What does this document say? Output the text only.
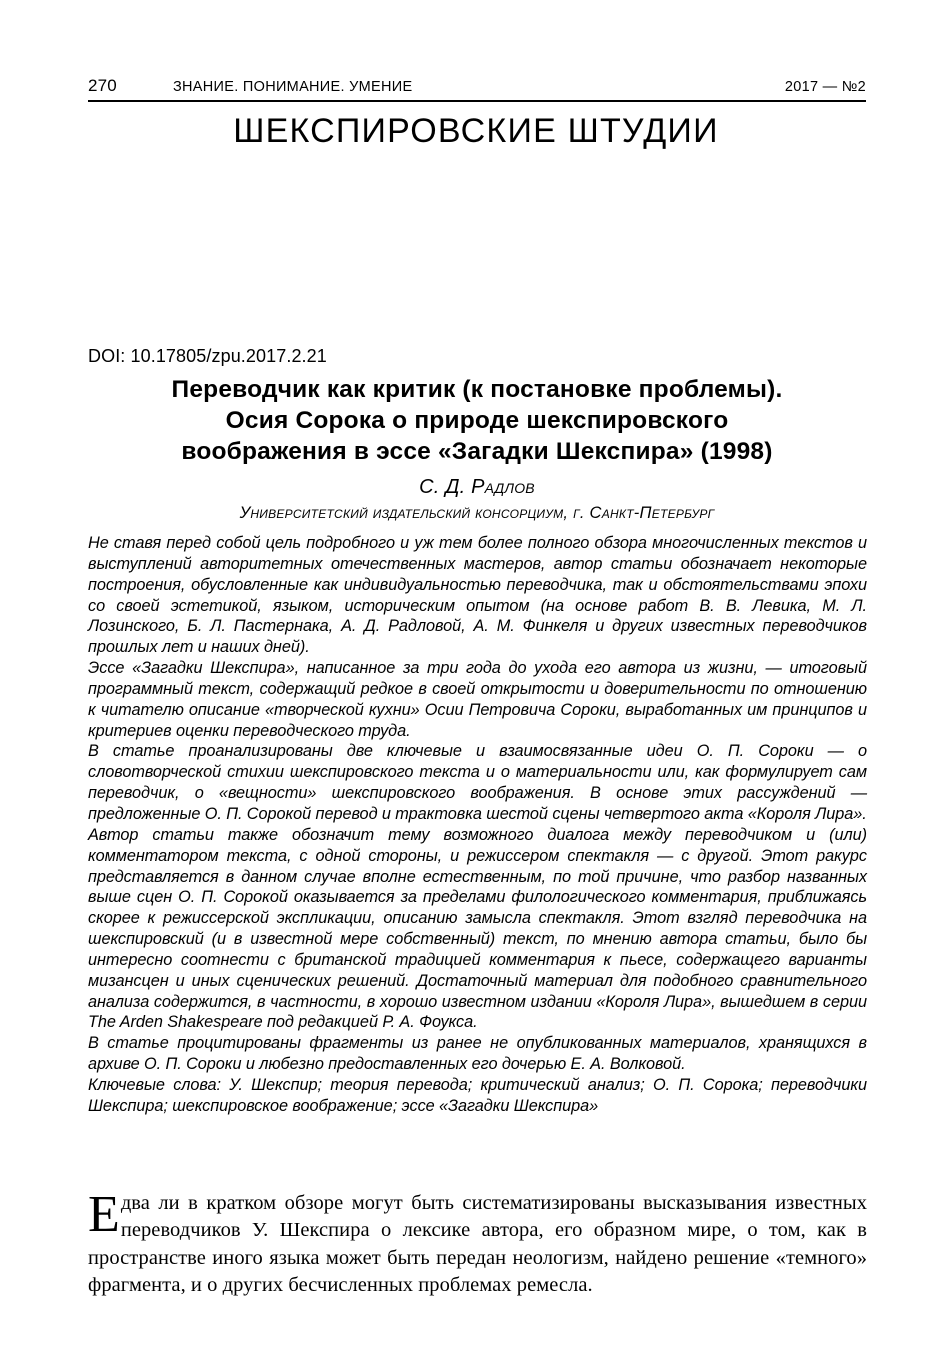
270	ЗНАНИЕ. ПОНИМАНИЕ. УМЕНИЕ	2017 — №2
ШЕКСПИРОВСКИЕ ШТУДИИ
DOI: 10.17805/zpu.2017.2.21
Переводчик как критик (к постановке проблемы).
Осия Сорока о природе шекспировского
воображения в эссе «Загадки Шекспира» (1998)
С. Д. Радлов
Университетский издательский консорциум, г. Санкт-Петербург

Не ставя перед собой цель подробного и уж тем более полного обзора многочисленных текстов и выступлений авторитетных отечественных мастеров, автор статьи обозначает некоторые построения, обусловленные как индивидуальностью переводчика, так и обстоятельствами эпохи со своей эстетикой, языком, историческим опытом (на основе работ В. В. Левика, М. Л. Лозинского, Б. Л. Пастернака, А. Д. Радловой, А. М. Финкеля и других известных переводчиков прошлых лет и наших дней).

Эссе «Загадки Шекспира», написанное за три года до ухода его автора из жизни, — итоговый программный текст, содержащий редкое в своей открытости и доверительности по отношению к читателю описание «творческой кухни» Осии Петровича Сороки, выработанных им принципов и критериев оценки переводческого труда.

В статье проанализированы две ключевые и взаимосвязанные идеи О. П. Сороки — о словотворческой стихии шекспировского текста и о материальности или, как формулирует сам переводчик, о «вещности» шекспировского воображения. В основе этих рассуждений — предложенные О. П. Сорокой перевод и трактовка шестой сцены четвертого акта «Короля Лира».

Автор статьи также обозначит тему возможного диалога между переводчиком и (или) комментатором текста, с одной стороны, и режиссером спектакля — с другой. Этот ракурс представляется в данном случае вполне естественным, по той причине, что разбор названных выше сцен О. П. Сорокой оказывается за пределами филологического комментария, приближаясь скорее к режиссерской экспликации, описанию замысла спектакля. Этот взгляд переводчика на шекспировский (и в известной мере собственный) текст, по мнению автора статьи, было бы интересно соотнести с британской традицией комментария к пьесе, содержащего варианты мизансцен и иных сценических решений. Достаточный материал для подобного сравнительного анализа содержится, в частности, в хорошо известном издании «Короля Лира», вышедшем в серии The Arden Shakespeare под редакцией Р. А. Фоукса.

В статье процитированы фрагменты из ранее не опубликованных материалов, хранящихся в архиве О. П. Сороки и любезно предоставленных его дочерью Е. А. Волковой.

Ключевые слова: У. Шекспир; теория перевода; критический анализ; О. П. Сорока; переводчики Шекспира; шекспировское воображение; эссе «Загадки Шекспира»

Едва ли в кратком обзоре могут быть систематизированы высказывания известных переводчиков У. Шекспира о лексике автора, его образном мире, о том, как в пространстве иного языка может быть передан неологизм, найдено решение «темного» фрагмента, и о других бесчисленных проблемах ремесла.
